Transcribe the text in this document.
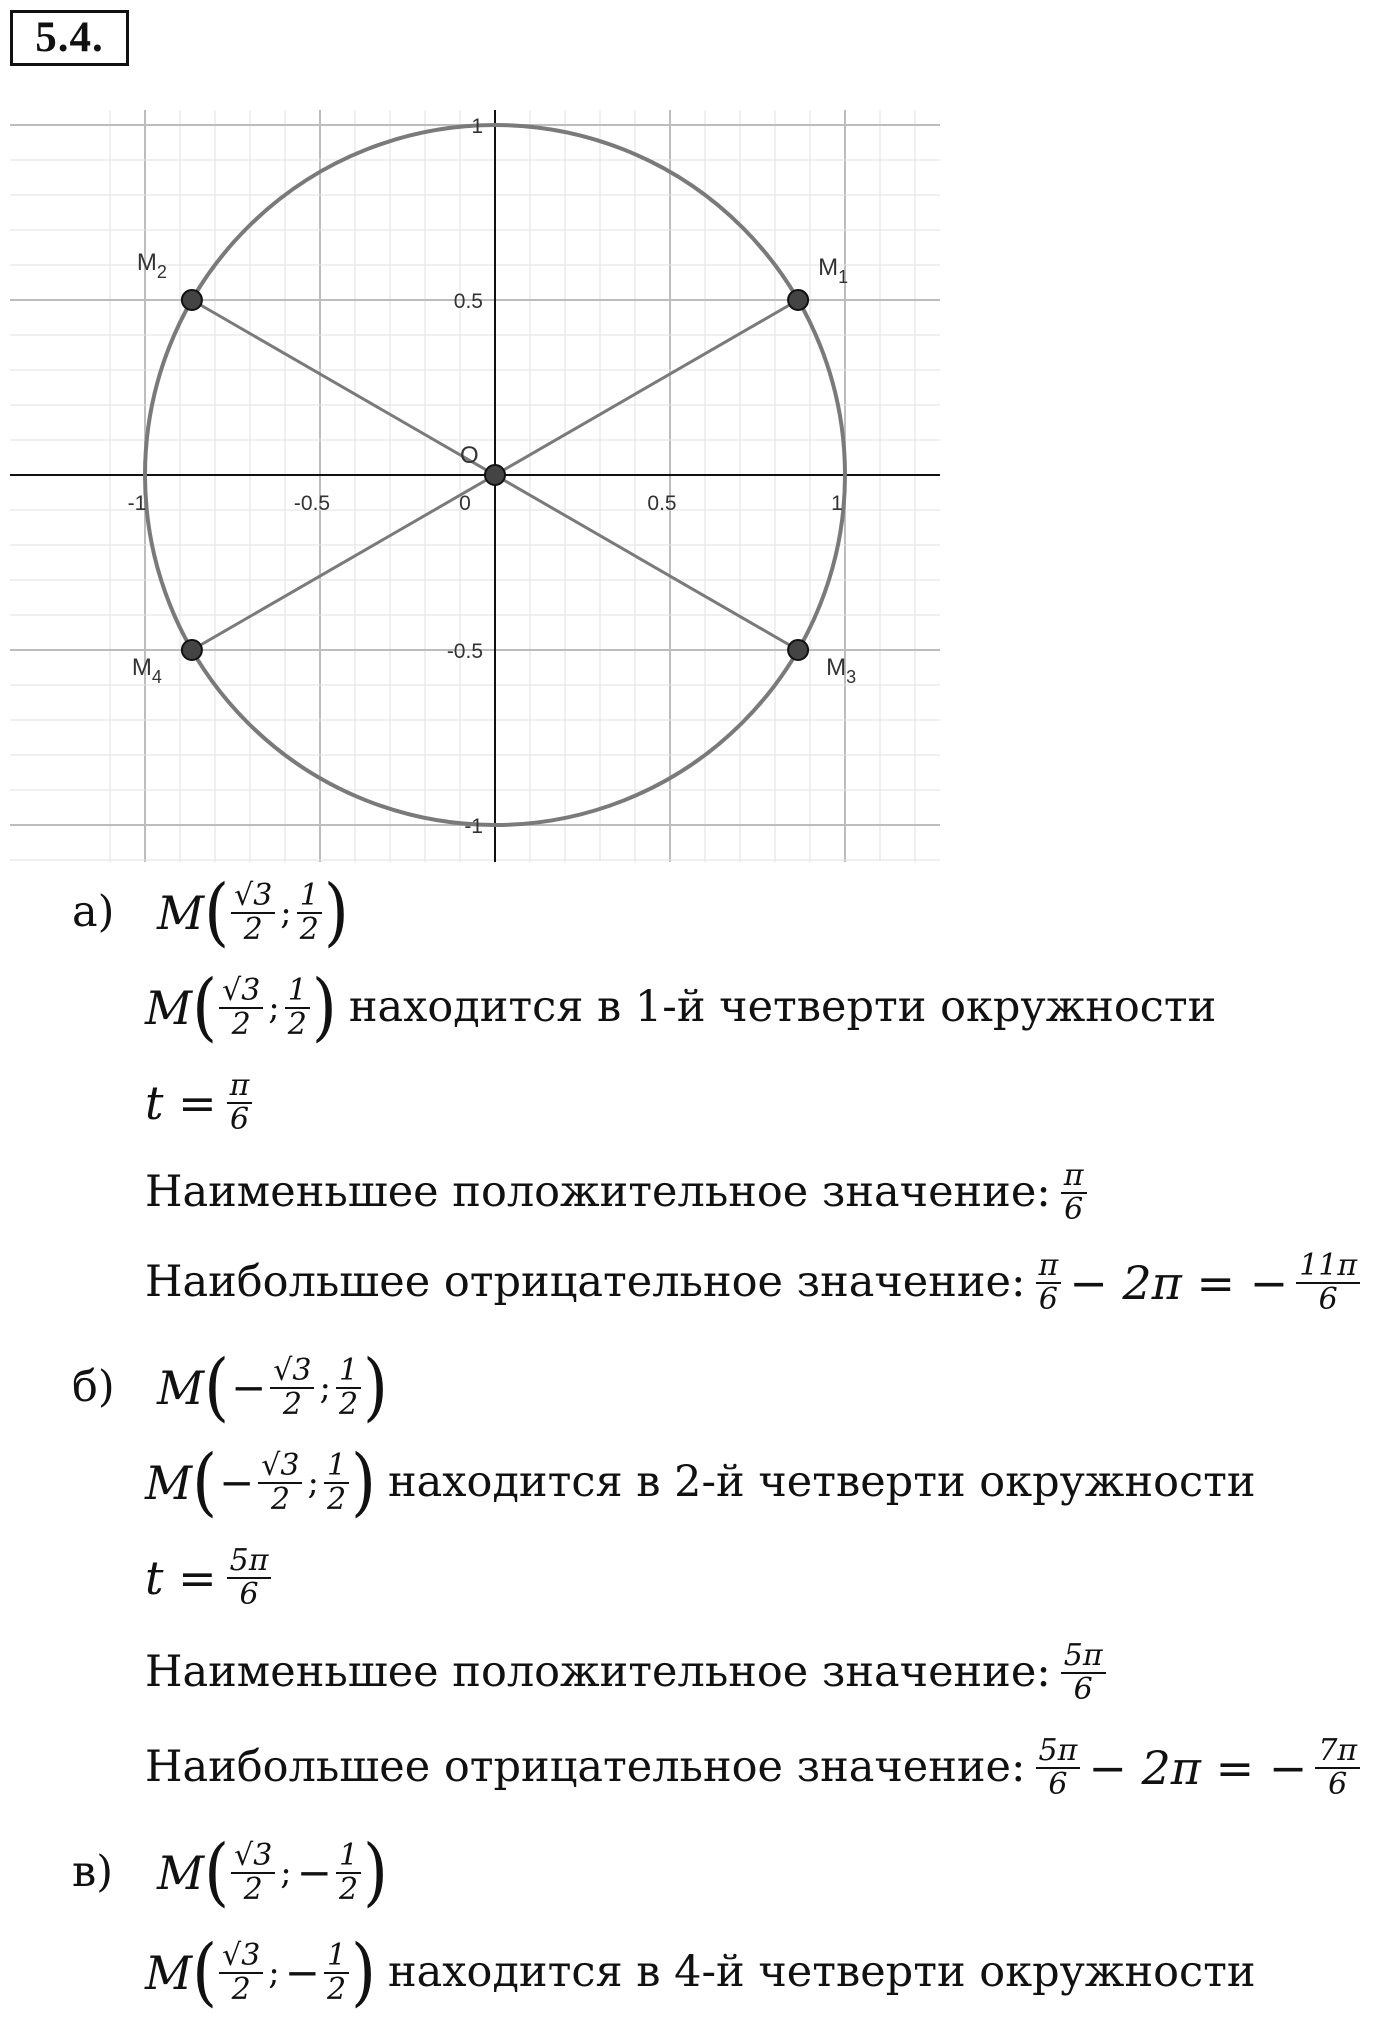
5.4.
-1	-0.5	0	0.5	1
1
0.5
-0.5
-1
O
$M_1$
$M_2$
$M_3$
$M_4$
а) M ( $\frac{√3}{2}$ ; $\frac{1}{2}$ )
M ( $\frac{√3}{2}$ ; $\frac{1}{2}$ ) находится в 1-й четверти окружности
$t = \frac{\pi}{6}$
Наименьшее положительное значение: $\frac{\pi}{6}$
Наибольшее отрицательное значение: $\frac{\pi}{6} - 2\pi$ = − $\frac{11\pi}{6}$
б) M ( − $\frac{√3}{2}$ ; $\frac{1}{2}$ )
M ( − $\frac{√3}{2}$ ; $\frac{1}{2}$ ) находится в 2-й четверти окружности
$t = \frac{5\pi}{6}$
Наименьшее положительное значение: $\frac{5\pi}{6}$
Наибольшее отрицательное значение: $\frac{5\pi}{6} - 2\pi$ = − $\frac{7\pi}{6}$
в) M ( $\frac{√3}{2}$ ; − $\frac{1}{2}$ )
M ( $\frac{√3}{2}$ ; − $\frac{1}{2}$ ) находится в 4-й четверти окружности
